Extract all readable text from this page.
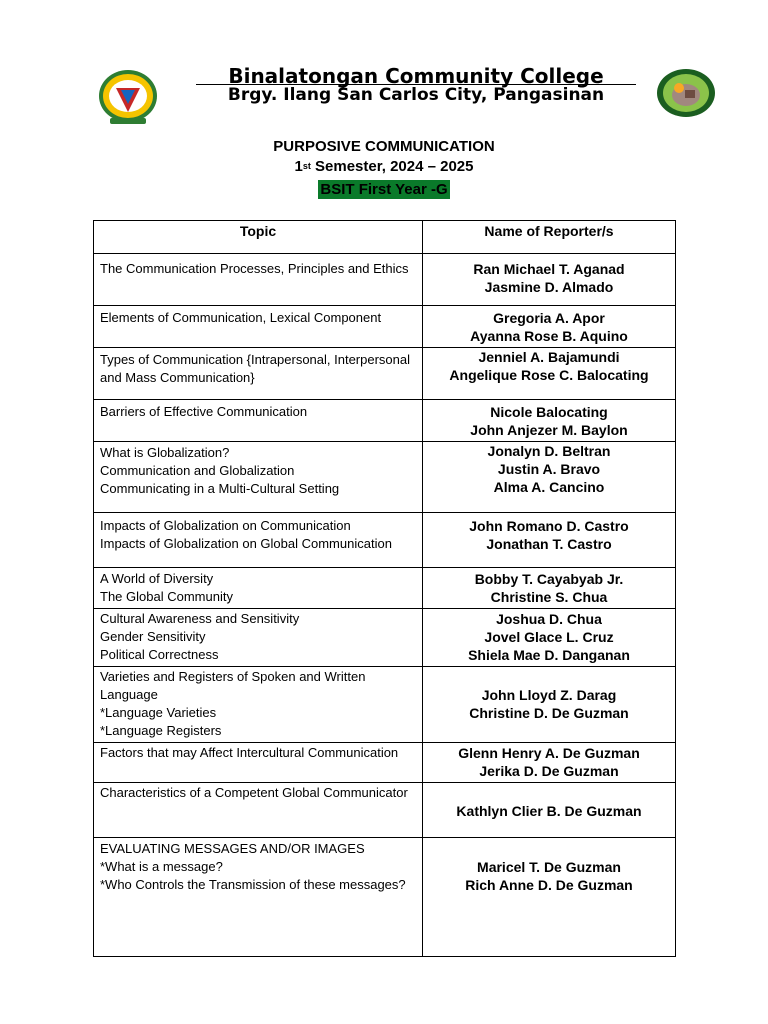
Binalatongan Community College
Brgy. Ilang San Carlos City, Pangasinan
PURPOSIVE COMMUNICATION
1st Semester, 2024 – 2025
BSIT First Year -G
Topic	Name of Reporter/s

The Communication Processes, Principles and Ethics	Ran Michael T. Aganad
Jasmine D. Almado

Elements of Communication, Lexical Component	Gregoria A. Apor
Ayanna Rose B. Aquino

Types of Communication {Intrapersonal, Interpersonal and Mass Communication}	Jenniel A. Bajamundi
Angelique Rose C. Balocating

Barriers of Effective Communication	Nicole Balocating
John Anjezer M. Baylon

What is Globalization?
Communication and Globalization
Communicating in a Multi-Cultural Setting	Jonalyn D. Beltran
Justin A. Bravo
Alma A. Cancino

Impacts of Globalization on Communication
Impacts of Globalization on Global Communication	John Romano D. Castro
Jonathan T. Castro

A World of Diversity
The Global Community	Bobby T. Cayabyab Jr.
Christine S. Chua

Cultural Awareness and Sensitivity
Gender Sensitivity
Political Correctness	Joshua D. Chua
Jovel Glace L. Cruz
Shiela Mae D. Danganan

Varieties and Registers of Spoken and Written Language
*Language Varieties
*Language Registers	John Lloyd Z. Darag
Christine D. De Guzman

Factors that may Affect Intercultural Communication	Glenn Henry A. De Guzman
Jerika D. De Guzman

Characteristics of a Competent Global Communicator	Kathlyn Clier B. De Guzman

EVALUATING MESSAGES AND/OR IMAGES
*What is a message?
*Who Controls the Transmission of these messages?	Maricel T. De Guzman
Rich Anne D. De Guzman
